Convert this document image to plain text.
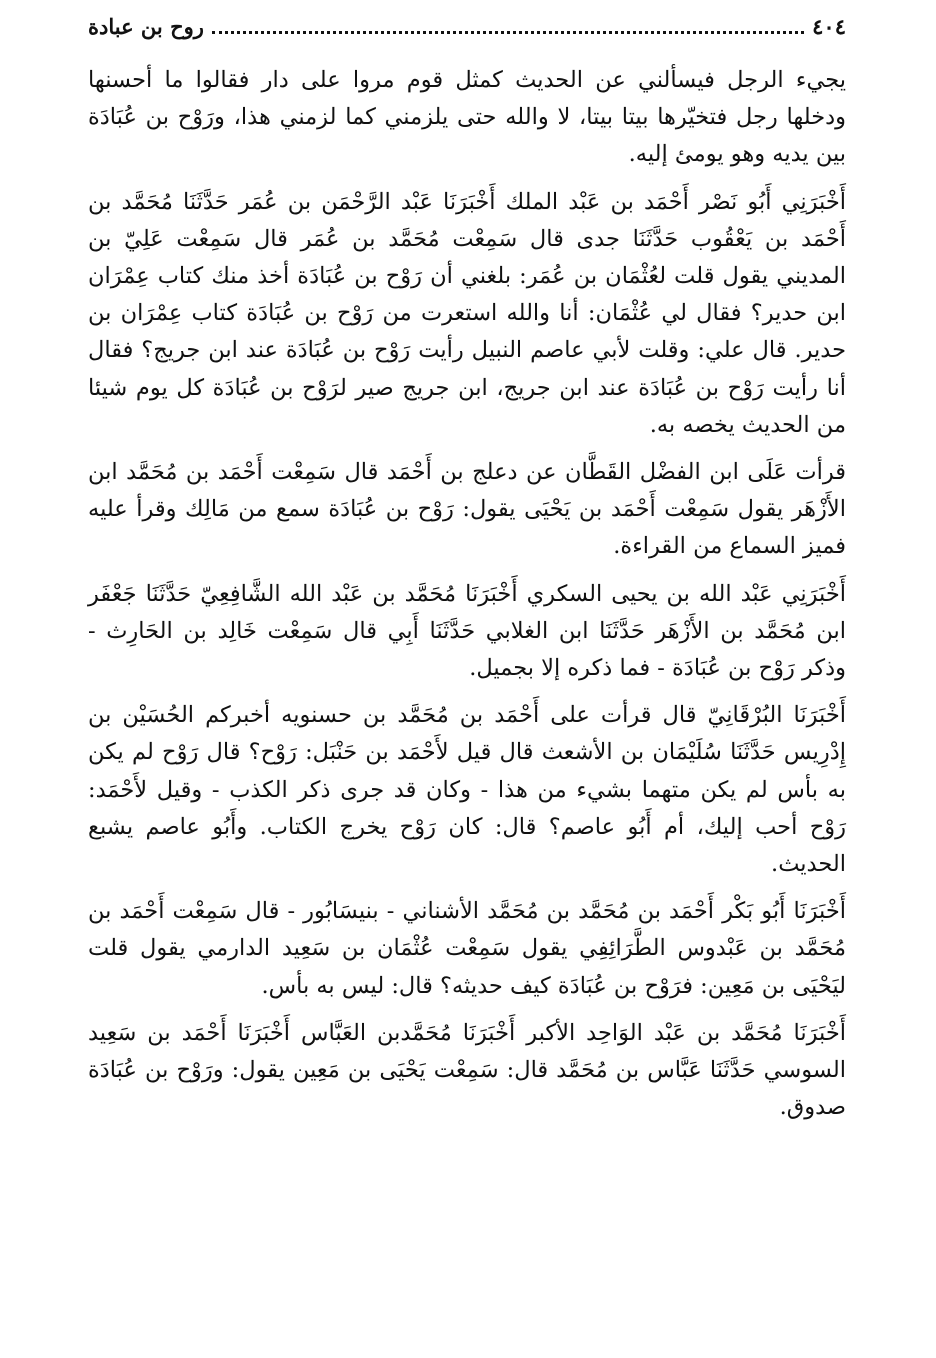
٤٠٤
روح بن عبادة

يجيء الرجل فيسألني عن الحديث كمثل قوم مروا على دار فقالوا ما أحسنها ودخلها رجل فتخيّرها بيتا بيتا، لا والله حتى يلزمني كما لزمني هذا، ورَوْح بن عُبَادَة بين يديه وهو يومئ إليه.

أَخْبَرَنِي أَبُو نَصْر أَحْمَد بن عَبْد الملك أَخْبَرَنَا عَبْد الرَّحْمَن بن عُمَر حَدَّثَنَا مُحَمَّد بن أَحْمَد بن يَعْقُوب حَدَّثَنَا جدى قال سَمِعْت مُحَمَّد بن عُمَر قال سَمِعْت عَلِيّ بن المديني يقول قلت لعُثْمَان بن عُمَر: بلغني أن رَوْح بن عُبَادَة أخذ منك كتاب عِمْرَان ابن حدير؟ فقال لي عُثْمَان: أنا والله استعرت من رَوْح بن عُبَادَة كتاب عِمْرَان بن حدير. قال علي: وقلت لأبي عاصم النبيل رأيت رَوْح بن عُبَادَة عند ابن جريج؟ فقال أنا رأيت رَوْح بن عُبَادَة عند ابن جريج، ابن جريج صير لرَوْح بن عُبَادَة كل يوم شيئا من الحديث يخصه به.

قرأت عَلَى ابن الفضْل القَطَّان عن دعلج بن أَحْمَد قال سَمِعْت أَحْمَد بن مُحَمَّد ابن الأَزْهَر يقول سَمِعْت أَحْمَد بن يَحْيَى يقول: رَوْح بن عُبَادَة سمع من مَالِك وقرأ عليه فميز السماع من القراءة.

أَخْبَرَنِي عَبْد الله بن يحيى السكري أَخْبَرَنَا مُحَمَّد بن عَبْد الله الشَّافِعِيّ حَدَّثَنَا جَعْفَر ابن مُحَمَّد بن الأَزْهَر حَدَّثَنَا ابن الغلابي حَدَّثَنَا أَبِي قال سَمِعْت خَالِد بن الحَارِث - وذكر رَوْح بن عُبَادَة - فما ذكره إلا بجميل.

أَخْبَرَنَا البُرْقَانِيّ قال قرأت على أَحْمَد بن مُحَمَّد بن حسنويه أخبركم الحُسَيْن بن إِدْرِيس حَدَّثَنَا سُلَيْمَان بن الأشعث قال قيل لأَحْمَد بن حَنْبَل: رَوْح؟ قال رَوْح لم يكن به بأس لم يكن متهما بشيء من هذا - وكان قد جرى ذكر الكذب - وقيل لأَحْمَد: رَوْح أحب إليك، أم أَبُو عاصم؟ قال: كان رَوْح يخرج الكتاب. وأَبُو عاصم يشبع الحديث.

أَخْبَرَنَا أَبُو بَكْر أَحْمَد بن مُحَمَّد بن مُحَمَّد الأشناني - بنيسَابُور - قال سَمِعْت أَحْمَد بن مُحَمَّد بن عَبْدوس الطَّرَائِفِي يقول سَمِعْت عُثْمَان بن سَعِيد الدارمي يقول قلت ليَحْيَى بن مَعِين: فرَوْح بن عُبَادَة كيف حديثه؟ قال: ليس به بأس.

أَخْبَرَنَا مُحَمَّد بن عَبْد الوَاحِد الأكبر أَخْبَرَنَا مُحَمَّدبن العَبَّاس أَخْبَرَنَا أَحْمَد بن سَعِيد السوسي حَدَّثَنَا عَبَّاس بن مُحَمَّد قال: سَمِعْت يَحْيَى بن مَعِين يقول: ورَوْح بن عُبَادَة صدوق.
